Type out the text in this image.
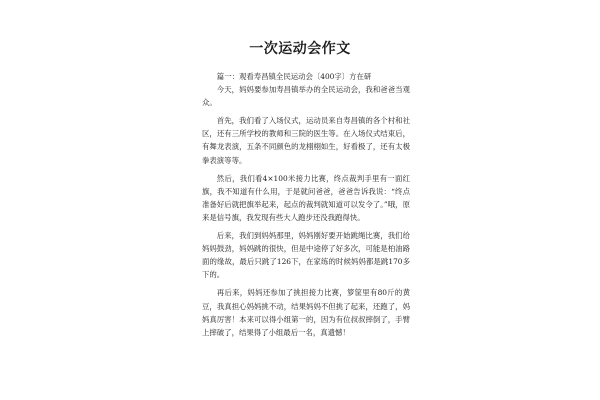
一次运动会作文

篇一：观看寿昌镇全民运动会〔400字〕方在研

今天，妈妈要参加寿昌镇举办的全民运动会，我和爸爸当观众。

首先，我们看了入场仪式，运动员来自寿昌镇的各个村和社区，还有三所学校的教师和三院的医生等。在入场仪式结束后，有舞龙表演，五条不同颜色的龙栩栩如生，好看极了，还有太极拳表演等等。

然后，我们看4×100米接力比赛，终点裁判手里有一面红旗，我不知道有什么用，于是就问爸爸，爸爸告诉我说：“终点准备好后就把旗举起来，起点的裁判就知道可以发令了。”哦，原来是信号旗，我发现有些大人跑步还没我跑得快。

后来，我们到妈妈那里，妈妈刚好要开始跳绳比赛，我们给妈妈鼓劲，妈妈跳的很快，但是中途停了好多次，可能是柏油路面的缘故，最后只跳了126下，在家练的时候妈妈都是跳170多下的。

再后来，妈妈还参加了挑担接力比赛，箩筐里有80斤的黄豆，我真担心妈妈挑不动，结果妈妈不但挑了起来，还跑了，妈妈真厉害！本来可以得小组第一的，因为有位叔叔摔倒了，手臂上摔破了，结果得了小组最后一名，真遗憾！
